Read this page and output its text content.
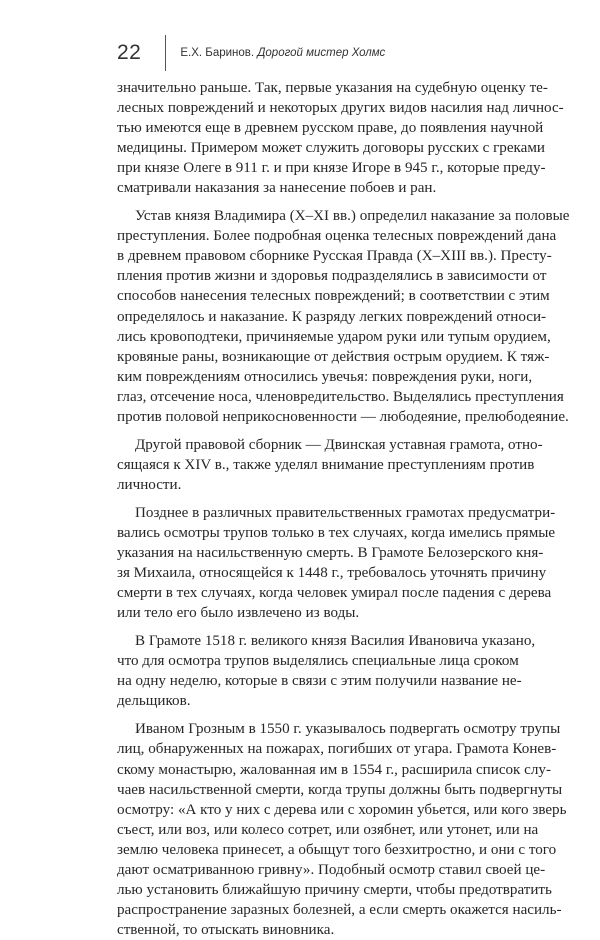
22	Е.Х. Баринов. Дорогой мистер Холмс

значительно раньше. Так, первые указания на судебную оценку те-
лесных повреждений и некоторых других видов насилия над личнос-
тью имеются еще в древнем русском праве, до появления научной
медицины. Примером может служить договоры русских с греками
при князе Олеге в 911 г. и при князе Игоре в 945 г., которые преду-
сматривали наказания за нанесение побоев и ран.

Устав князя Владимира (X–XI вв.) определил наказание за половые
преступления. Более подробная оценка телесных повреждений дана
в древнем правовом сборнике Русская Правда (X–XIII вв.). Престу-
пления против жизни и здоровья подразделялись в зависимости от
способов нанесения телесных повреждений; в соответствии с этим
определялось и наказание. К разряду легких повреждений относи-
лись кровоподтеки, причиняемые ударом руки или тупым орудием,
кровяные раны, возникающие от действия острым орудием. К тяж-
ким повреждениям относились увечья: повреждения руки, ноги,
глаз, отсечение носа, членовредительство. Выделялись преступления
против половой неприкосновенности — любодеяние, прелюбодеяние.

Другой правовой сборник — Двинская уставная грамота, отно-
сящаяся к XIV в., также уделял внимание преступлениям против
личности.

Позднее в различных правительственных грамотах предусматри-
вались осмотры трупов только в тех случаях, когда имелись прямые
указания на насильственную смерть. В Грамоте Белозерского кня-
зя Михаила, относящейся к 1448 г., требовалось уточнять причину
смерти в тех случаях, когда человек умирал после падения с дерева
или тело его было извлечено из воды.

В Грамоте 1518 г. великого князя Василия Ивановича указано,
что для осмотра трупов выделялись специальные лица сроком
на одну неделю, которые в связи с этим получили название не-
дельщиков.

Иваном Грозным в 1550 г. указывалось подвергать осмотру трупы
лиц, обнаруженных на пожарах, погибших от угара. Грамота Конев-
скому монастырю, жалованная им в 1554 г., расширила список слу-
чаев насильственной смерти, когда трупы должны быть подвергнуты
осмотру: «А кто у них с дерева или с хоромин убьется, или кого зверь
съест, или воз, или колесо сотрет, или озябнет, или утонет, или на
землю человека принесет, а обыщут того безхитростно, и они с того
дают осматриванною гривну». Подобный осмотр ставил своей це-
лью установить ближайшую причину смерти, чтобы предотвратить
распространение заразных болезней, а если смерть окажется насиль-
ственной, то отыскать виновника.
